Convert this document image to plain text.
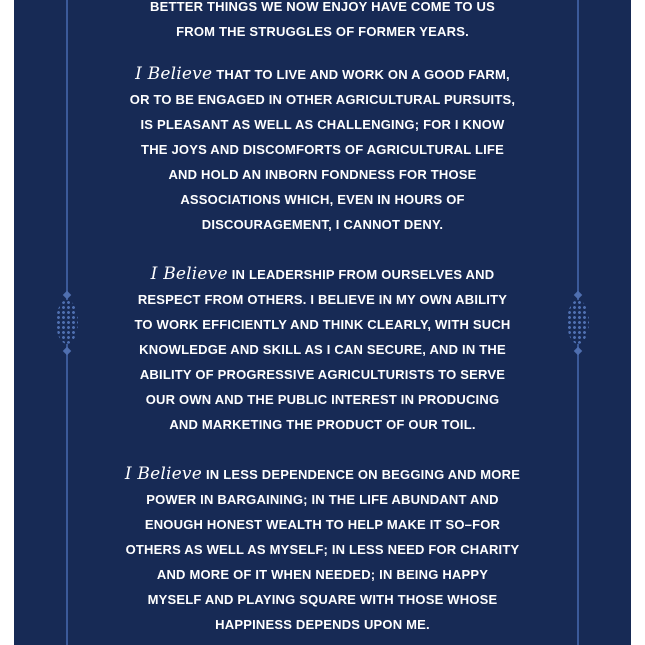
BETTER THINGS WE NOW ENJOY HAVE COME TO US
FROM THE STRUGGLES OF FORMER YEARS.
I Believe THAT TO LIVE AND WORK ON A GOOD FARM,
OR TO BE ENGAGED IN OTHER AGRICULTURAL PURSUITS,
IS PLEASANT AS WELL AS CHALLENGING; FOR I KNOW
THE JOYS AND DISCOMFORTS OF AGRICULTURAL LIFE
AND HOLD AN INBORN FONDNESS FOR THOSE
ASSOCIATIONS WHICH, EVEN IN HOURS OF
DISCOURAGEMENT, I CANNOT DENY.
I Believe IN LEADERSHIP FROM OURSELVES AND
RESPECT FROM OTHERS. I BELIEVE IN MY OWN ABILITY
TO WORK EFFICIENTLY AND THINK CLEARLY, WITH SUCH
KNOWLEDGE AND SKILL AS I CAN SECURE, AND IN THE
ABILITY OF PROGRESSIVE AGRICULTURISTS TO SERVE
OUR OWN AND THE PUBLIC INTEREST IN PRODUCING
AND MARKETING THE PRODUCT OF OUR TOIL.
I Believe IN LESS DEPENDENCE ON BEGGING AND MORE
POWER IN BARGAINING; IN THE LIFE ABUNDANT AND
ENOUGH HONEST WEALTH TO HELP MAKE IT SO–FOR
OTHERS AS WELL AS MYSELF; IN LESS NEED FOR CHARITY
AND MORE OF IT WHEN NEEDED; IN BEING HAPPY
MYSELF AND PLAYING SQUARE WITH THOSE WHOSE
HAPPINESS DEPENDS UPON ME.
